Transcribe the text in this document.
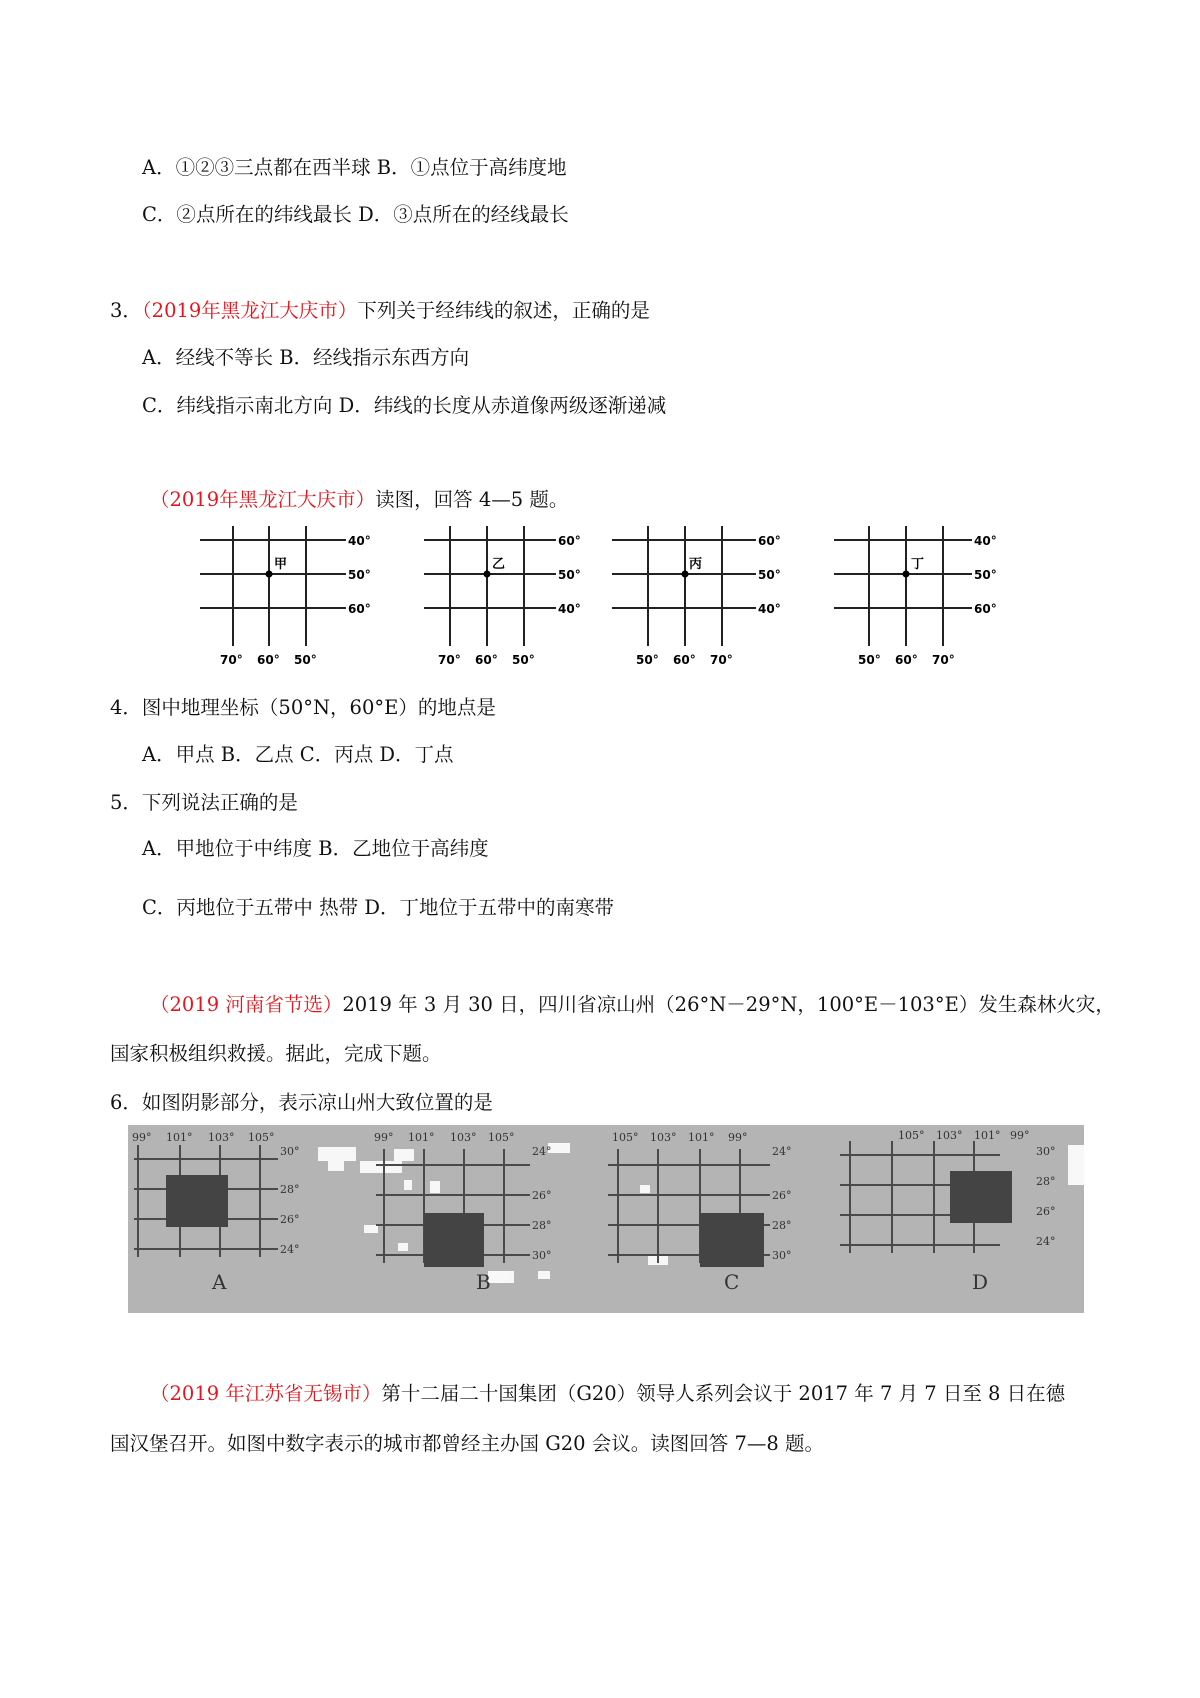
A．①②③三点都在西半球 B．①点位于高纬度地
C．②点所在的纬线最长 D．③点所在的经线最长
3．（2019年黑龙江大庆市）下列关于经纬线的叙述，正确的是
A．经线不等长 B．经线指示东西方向
C．纬线指示南北方向 D．纬线的长度从赤道像两级逐渐递减
（2019年黑龙江大庆市）读图，回答 4—5 题。
甲
40°
50°
60°
70° 60° 50°
乙
60°
50°
40°
70° 60° 50°
丙
60°
50°
40°
50° 60° 70°
丁
40°
50°
60°
50° 60° 70°
4．图中地理坐标（50°N，60°E）的地点是
A．甲点 B．乙点 C．丙点 D．丁点
5．下列说法正确的是
A．甲地位于中纬度 B．乙地位于高纬度
C．丙地位于五带中 热带 D．丁地位于五带中的南寒带
（2019 河南省节选）2019 年 3 月 30 日，四川省凉山州（26°N－29°N，100°E－103°E）发生森林火灾，
国家积极组织救援。据此，完成下题。
6．如图阴影部分，表示凉山州大致位置的是
99° 101° 103° 105°
30°
28°
26°
24°
A
99° 101° 103° 105°
24°
26°
28°
30°
B
105° 103° 101° 99°
24°
26°
28°
30°
C
105° 103° 101° 99°
30°
28°
26°
24°
D
（2019 年江苏省无锡市）第十二届二十国集团（G20）领导人系列会议于 2017 年 7 月 7 日至 8 日在德
国汉堡召开。如图中数字表示的城市都曾经主办国 G20 会议。读图回答 7—8 题。
